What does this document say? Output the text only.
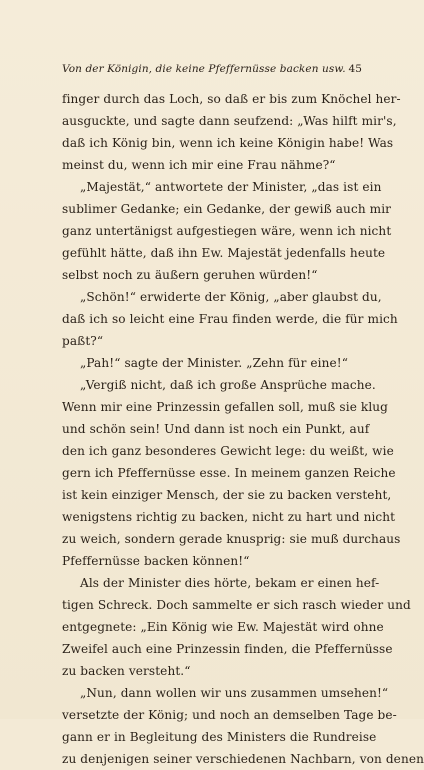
Von der Königin, die keine Pfeffernüsse backen usw. 45
finger durch das Loch, so daß er bis zum Knöchel her-
ausguckte, und sagte dann seufzend: „Was hilft mir's,
daß ich König bin, wenn ich keine Königin habe! Was
meinst du, wenn ich mir eine Frau nähme?“
„Majestät,“ antwortete der Minister, „das ist ein
sublimer Gedanke; ein Gedanke, der gewiß auch mir
ganz untertänigst aufgestiegen wäre, wenn ich nicht
gefühlt hätte, daß ihn Ew. Majestät jedenfalls heute
selbst noch zu äußern geruhen würden!“
„Schön!“ erwiderte der König, „aber glaubst du,
daß ich so leicht eine Frau finden werde, die für mich
paßt?“
„Pah!“ sagte der Minister. „Zehn für eine!“
„Vergiß nicht, daß ich große Ansprüche mache.
Wenn mir eine Prinzessin gefallen soll, muß sie klug
und schön sein! Und dann ist noch ein Punkt, auf
den ich ganz besonderes Gewicht lege: du weißt, wie
gern ich Pfeffernüsse esse. In meinem ganzen Reiche
ist kein einziger Mensch, der sie zu backen versteht,
wenigstens richtig zu backen, nicht zu hart und nicht
zu weich, sondern gerade knusprig: sie muß durchaus
Pfeffernüsse backen können!“
Als der Minister dies hörte, bekam er einen hef-
tigen Schreck. Doch sammelte er sich rasch wieder und
entgegnete: „Ein König wie Ew. Majestät wird ohne
Zweifel auch eine Prinzessin finden, die Pfeffernüsse
zu backen versteht.“
„Nun, dann wollen wir uns zusammen umsehen!“
versetzte der König; und noch an demselben Tage be-
gann er in Begleitung des Ministers die Rundreise
zu denjenigen seiner verschiedenen Nachbarn, von denen
